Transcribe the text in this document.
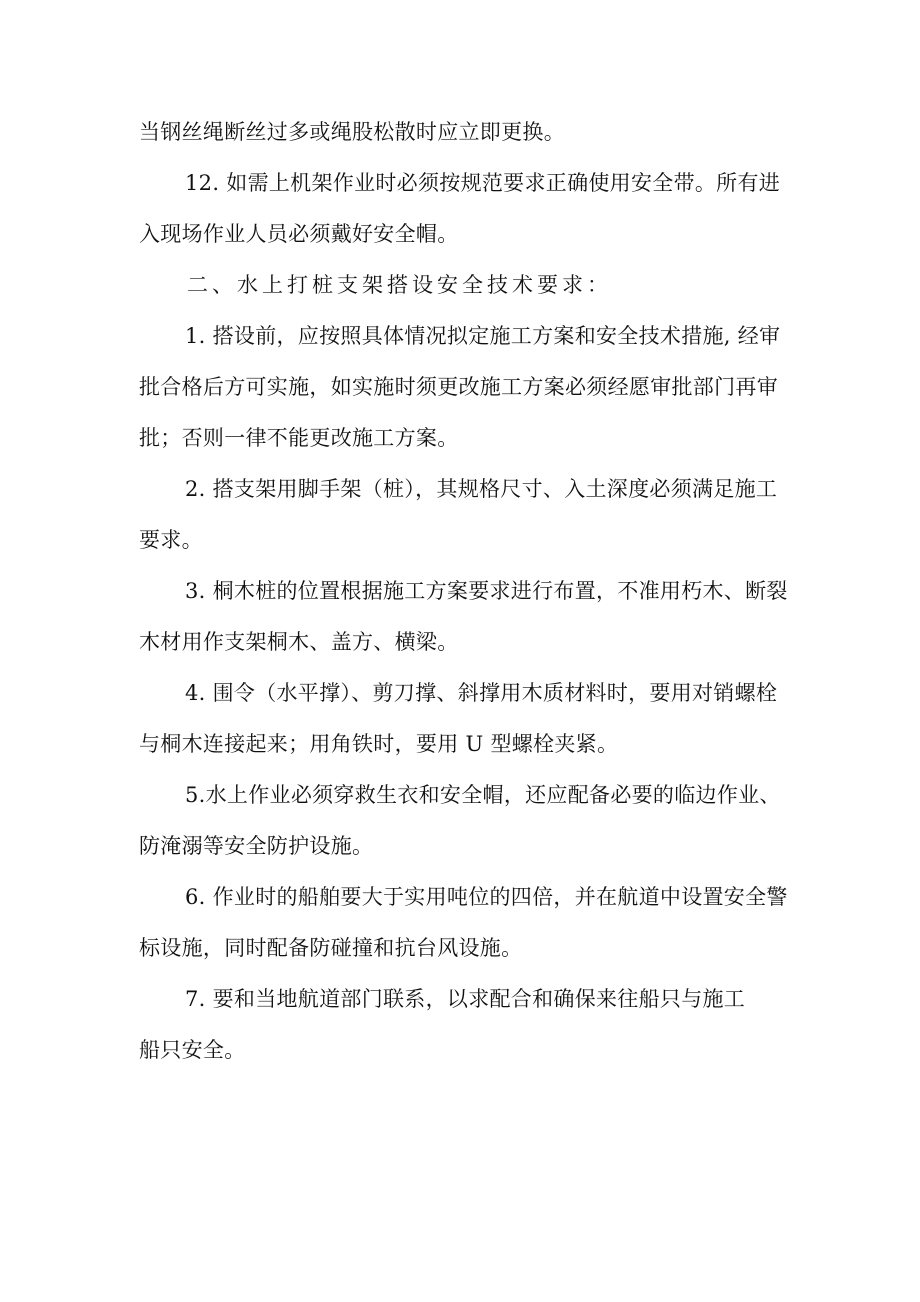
当钢丝绳断丝过多或绳股松散时应立即更换。
12. 如需上机架作业时必须按规范要求正确使用安全带。所有进
入现场作业人员必须戴好安全帽。
二、水上打桩支架搭设安全技术要求：
1. 搭设前，应按照具体情况拟定施工方案和安全技术措施, 经审
批合格后方可实施，如实施时须更改施工方案必须经愿审批部门再审
批；否则一律不能更改施工方案。
2. 搭支架用脚手架（桩），其规格尺寸、入土深度必须满足施工
要求。
3. 桐木桩的位置根据施工方案要求进行布置，不准用朽木、断裂
木材用作支架桐木、盖方、横梁。
4. 围令（水平撑）、剪刀撑、斜撑用木质材料时，要用对销螺栓
与桐木连接起来；用角铁时，要用 U 型螺栓夹紧。
5.水上作业必须穿救生衣和安全帽，还应配备必要的临边作业、
防淹溺等安全防护设施。
6. 作业时的船舶要大于实用吨位的四倍，并在航道中设置安全警
标设施，同时配备防碰撞和抗台风设施。
7. 要和当地航道部门联系，以求配合和确保来往船只与施工
船只安全。
